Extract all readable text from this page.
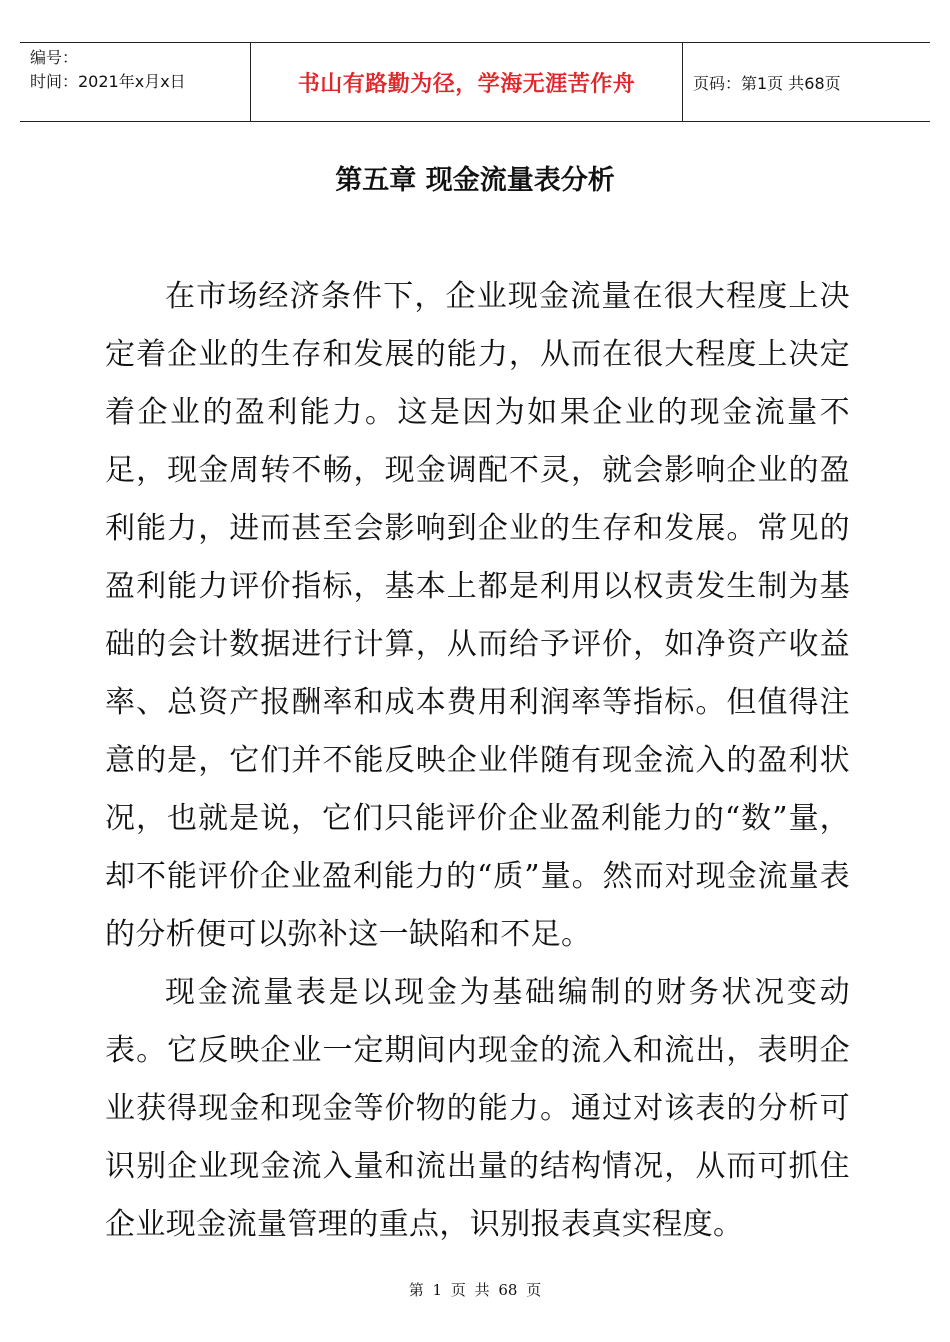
编号：
时间：2021年x月x日	书山有路勤为径，学海无涯苦作舟	页码：第1页 共68页
第五章 现金流量表分析

在市场经济条件下，企业现金流量在很大程度上决定着企业的生存和发展的能力，从而在很大程度上决定着企业的盈利能力。这是因为如果企业的现金流量不足，现金周转不畅，现金调配不灵，就会影响企业的盈利能力，进而甚至会影响到企业的生存和发展。常见的盈利能力评价指标，基本上都是利用以权责发生制为基础的会计数据进行计算，从而给予评价，如净资产收益率、总资产报酬率和成本费用利润率等指标。但值得注意的是，它们并不能反映企业伴随有现金流入的盈利状况，也就是说，它们只能评价企业盈利能力的“数”量，却不能评价企业盈利能力的“质”量。然而对现金流量表的分析便可以弥补这一缺陷和不足。

现金流量表是以现金为基础编制的财务状况变动表。它反映企业一定期间内现金的流入和流出，表明企业获得现金和现金等价物的能力。通过对该表的分析可识别企业现金流入量和流出量的结构情况，从而可抓住企业现金流量管理的重点，识别报表真实程度。

第 1 页 共 68 页
